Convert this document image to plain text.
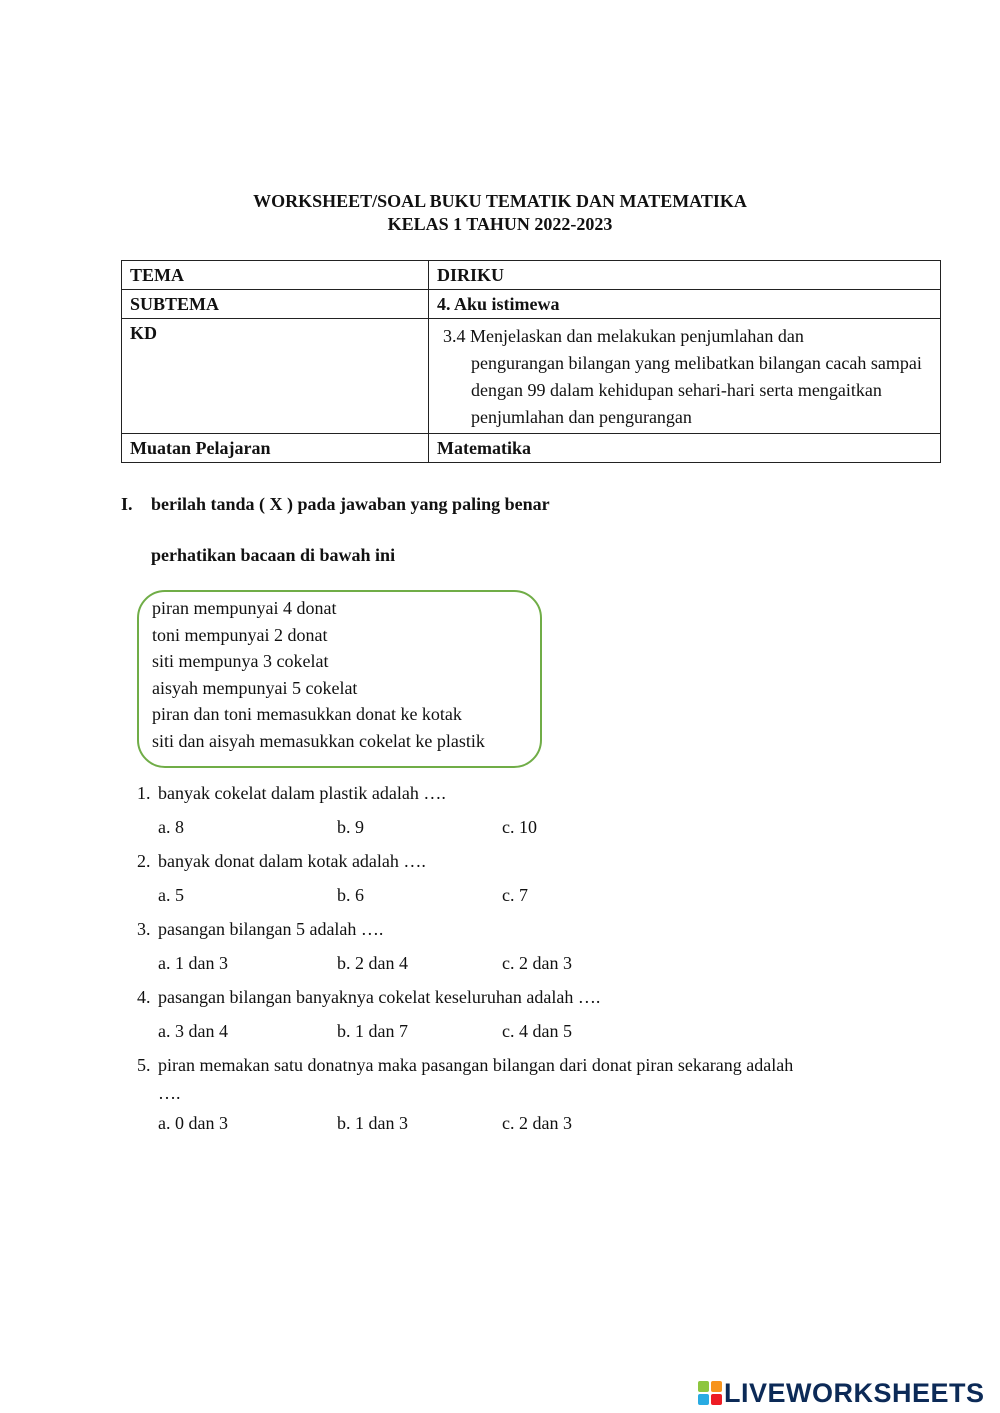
WORKSHEET/SOAL BUKU TEMATIK DAN MATEMATIKA
KELAS 1 TAHUN 2022-2023
TEMA	DIRIKU
SUBTEMA	4. Aku istimewa
KD	3.4 Menjelaskan dan melakukan penjumlahan dan
pengurangan bilangan yang melibatkan bilangan cacah sampai dengan 99 dalam kehidupan sehari-hari serta mengaitkan penjumlahan dan pengurangan

Muatan Pelajaran	Matematika
I. berilah tanda ( X ) pada jawaban yang paling benar
perhatikan bacaan di bawah ini
piran mempunyai 4 donat
toni mempunyai 2 donat
siti mempunya 3 cokelat
aisyah mempunyai 5 cokelat
piran dan toni memasukkan donat ke kotak
siti dan aisyah memasukkan cokelat ke plastik
1. banyak cokelat dalam plastik adalah ….
a. 8	b. 9	c. 10
2. banyak donat dalam kotak adalah ….
a. 5	b. 6	c. 7
3. pasangan bilangan 5 adalah ….
a. 1 dan 3	b. 2 dan 4	c. 2 dan 3
4. pasangan bilangan banyaknya cokelat keseluruhan adalah ….
a. 3 dan 4	b. 1 dan 7	c. 4 dan 5
5. piran memakan satu donatnya maka pasangan bilangan dari donat piran sekarang adalah
….
a. 0 dan 3	b. 1 dan 3	c. 2 dan 3
LIVEWORKSHEETS
